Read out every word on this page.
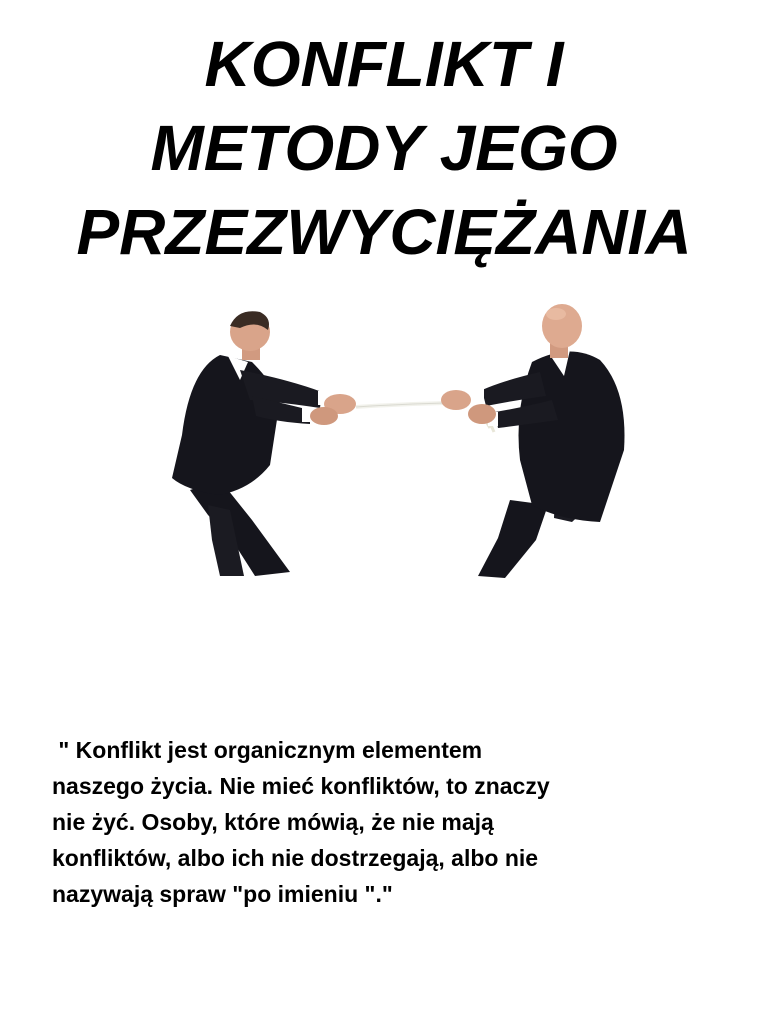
KONFLIKT I
METODY JEGO
PRZEZWYCIĘŻANIA
" Konflikt jest organicznym elementem
naszego życia. Nie mieć konfliktów, to znaczy
nie żyć. Osoby, które mówią, że nie mają
konfliktów, albo ich nie dostrzegają, albo nie
nazywają spraw "po imieniu "."
